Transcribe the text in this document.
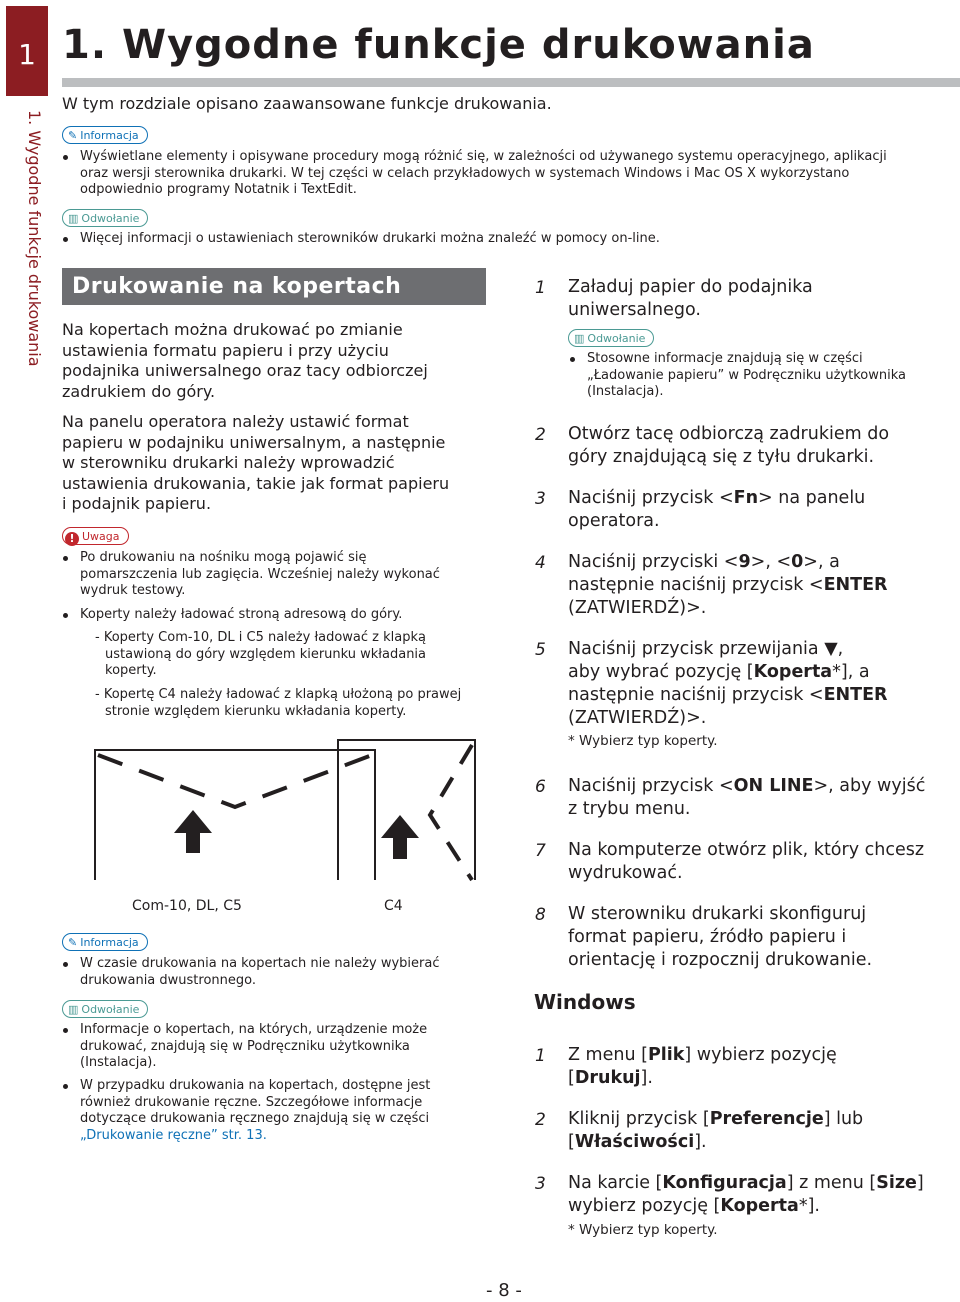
1
1. Wygodne funkcje drukowania
1. Wygodne funkcje drukowania
W tym rozdziale opisano zaawansowane funkcje drukowania.
✎ Informacja
Wyświetlane elementy i opisywane procedury mogą różnić się, w zależności od używanego systemu operacyjnego, aplikacji
oraz wersji sterownika drukarki. W tej części w celach przykładowych w systemach Windows i Mac OS X wykorzystano
odpowiednio programy Notatnik i TextEdit.
▥ Odwołanie
Więcej informacji o ustawieniach sterowników drukarki można znaleźć w pomocy on-line.
Drukowanie na kopertach
Na kopertach można drukować po zmianie
ustawienia formatu papieru i przy użyciu
podajnika uniwersalnego oraz tacy odbiorczej
zadrukiem do góry.
Na panelu operatora należy ustawić format
papieru w podajniku uniwersalnym, a następnie
w sterowniku drukarki należy wprowadzić
ustawienia drukowania, takie jak format papieru
i podajnik papieru.
! Uwaga
Po drukowaniu na nośniku mogą pojawić się
pomarszczenia lub zagięcia. Wcześniej należy wykonać
wydruk testowy.
Koperty należy ładować stroną adresową do góry.
- Koperty Com-10, DL i C5 należy ładować z klapką
ustawioną do góry względem kierunku wkładania
koperty.
- Kopertę C4 należy ładować z klapką ułożoną po prawej
stronie względem kierunku wkładania koperty.
Com-10, DL, C5	C4
✎ Informacja
W czasie drukowania na kopertach nie należy wybierać
drukowania dwustronnego.
▥ Odwołanie
Informacje o kopertach, na których, urządzenie może
drukować, znajdują się w Podręczniku użytkownika
(Instalacja).
W przypadku drukowania na kopertach, dostępne jest
również drukowanie ręczne. Szczegółowe informacje
dotyczące drukowania ręcznego znajdują się w części
„Drukowanie ręczne” str. 13.
1 Załaduj papier do podajnika
uniwersalnego.
▥ Odwołanie
Stosowne informacje znajdują się w części
„Ładowanie papieru” w Podręczniku użytkownika
(Instalacja).
2 Otwórz tacę odbiorczą zadrukiem do
góry znajdującą się z tyłu drukarki.
3 Naciśnij przycisk <Fn> na panelu
operatora.
4 Naciśnij przyciski <9>, <0>, a
następnie naciśnij przycisk <ENTER
(ZATWIERDŹ)>.
5 Naciśnij przycisk przewijania ▼,
aby wybrać pozycję [Koperta*], a
następnie naciśnij przycisk <ENTER
(ZATWIERDŹ)>.
* Wybierz typ koperty.
6 Naciśnij przycisk <ON LINE>, aby wyjść
z trybu menu.
7 Na komputerze otwórz plik, który chcesz
wydrukować.
8 W sterowniku drukarki skonfiguruj
format papieru, źródło papieru i
orientację i rozpocznij drukowanie.
Windows
1 Z menu [Plik] wybierz pozycję
[Drukuj].
2 Kliknij przycisk [Preferencje] lub
[Właściwości].
3 Na karcie [Konfiguracja] z menu [Size]
wybierz pozycję [Koperta*].
* Wybierz typ koperty.
- 8 -
